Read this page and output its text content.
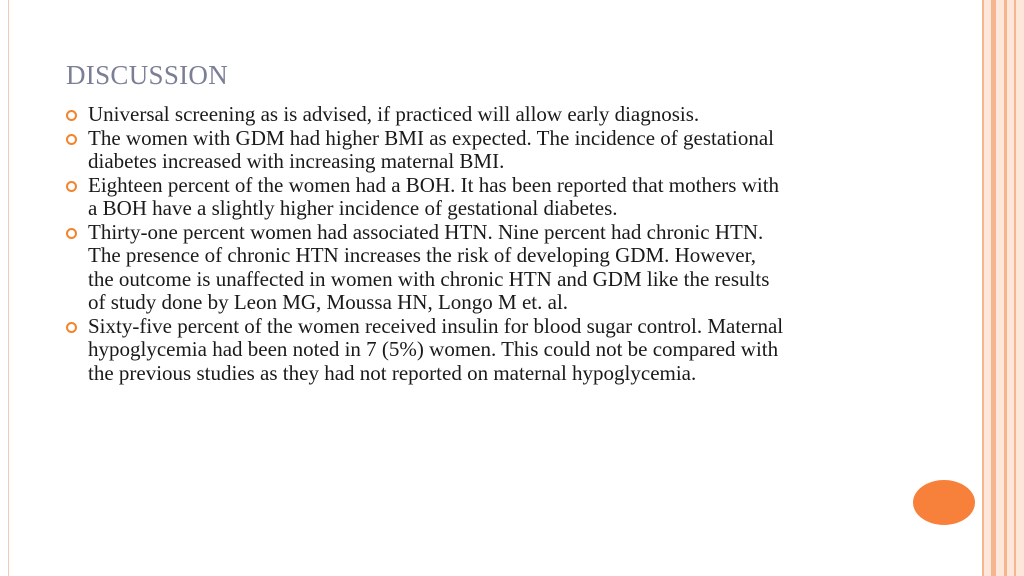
DISCUSSION
Universal screening as is advised, if practiced will allow early diagnosis.
The women with GDM had higher BMI as expected. The incidence of gestational diabetes increased with increasing maternal BMI.
Eighteen percent of the women had a BOH. It has been reported that mothers with a BOH have a slightly higher incidence of gestational diabetes.
Thirty-one percent women had associated HTN. Nine percent had chronic HTN. The presence of chronic HTN increases the risk of developing GDM. However, the outcome is unaffected in women with chronic HTN and GDM like the results of study done by Leon MG, Moussa HN, Longo M et. al.
Sixty-five percent of the women received insulin for blood sugar control. Maternal hypoglycemia had been noted in 7 (5%) women. This could not be compared with the previous studies as they had not reported on maternal hypoglycemia.
